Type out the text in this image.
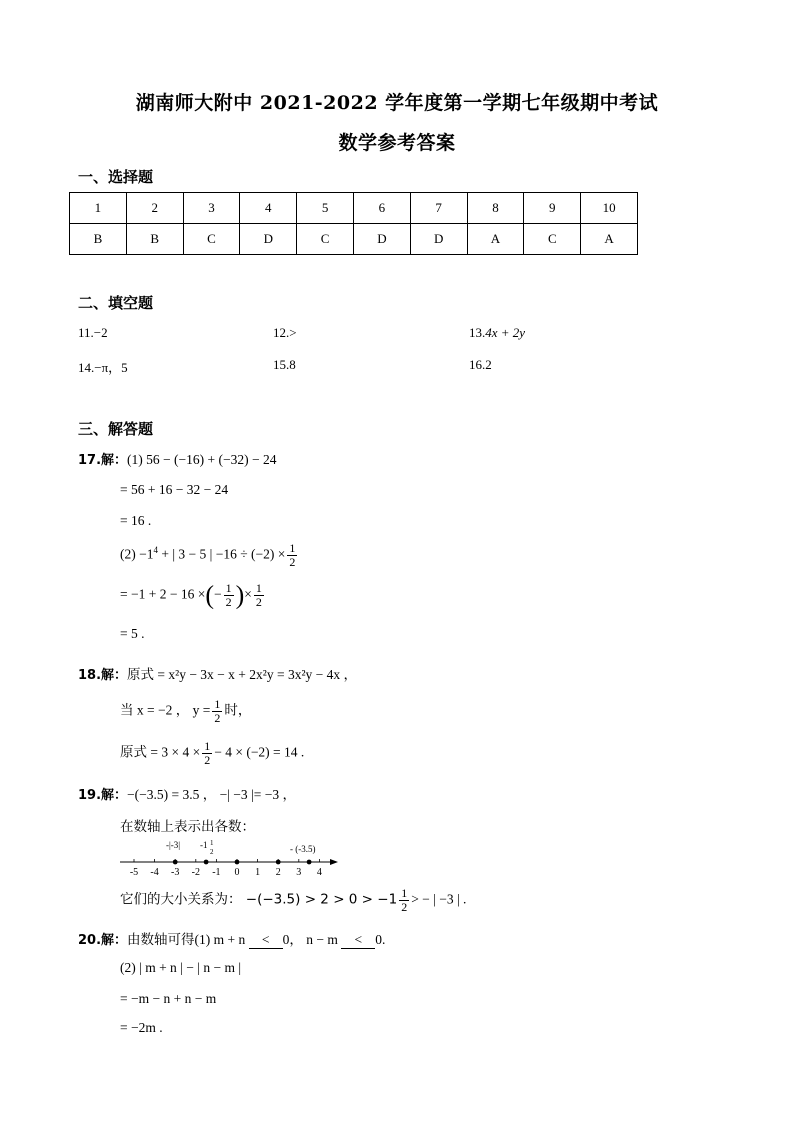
湖南师大附中 2021-2022 学年度第一学期七年级期中考试
数学参考答案
一、选择题
1	2	3	4	5	6	7	8	9	10
B	B	C	D	C	D	D	A	C	A
二、填空题
11.−2	12.>	13.4x + 2y
14.−π，5	15.8	16.2
三、解答题
17.解：(1) 56 − (−16) + (−32) − 24
= 56 + 16 − 32 − 24
= 16 .
$(2) -1^4$ + | 3 − 5 | $-16 \div (-2) \times \frac{1}{2}$
= −1 + 2 − 16 ×(− $\frac{1}{2}$ )× $\frac{1}{2}$
= 5 .
18.解：原式 = x²y − 3x − x + 2x²y = 3x²y − 4x ，
当 x = −2 ， $y = \frac{1}{2}$ 时，
原式 = $3 \times 4 \times \frac{1}{2} - 4 \times (-2) = 14$ .
19.解：−(−3.5) = 3.5 ， −| −3 |= −3 ，
在数轴上表示出各数：
-5 -4 -3 -2 -1 0 1 2 3 4
-|-3| -1 1
2	- (-3.5)
它们的大小关系为： $-(-3.5) > 2 > 0 > -1 \frac{1}{2}$ > − | −3 | .
20.解：由数轴可得(1) m + n < 0， n − m < 0.
(2) | m + n | − | n − m |
= −m − n + n − m
= −2m .
